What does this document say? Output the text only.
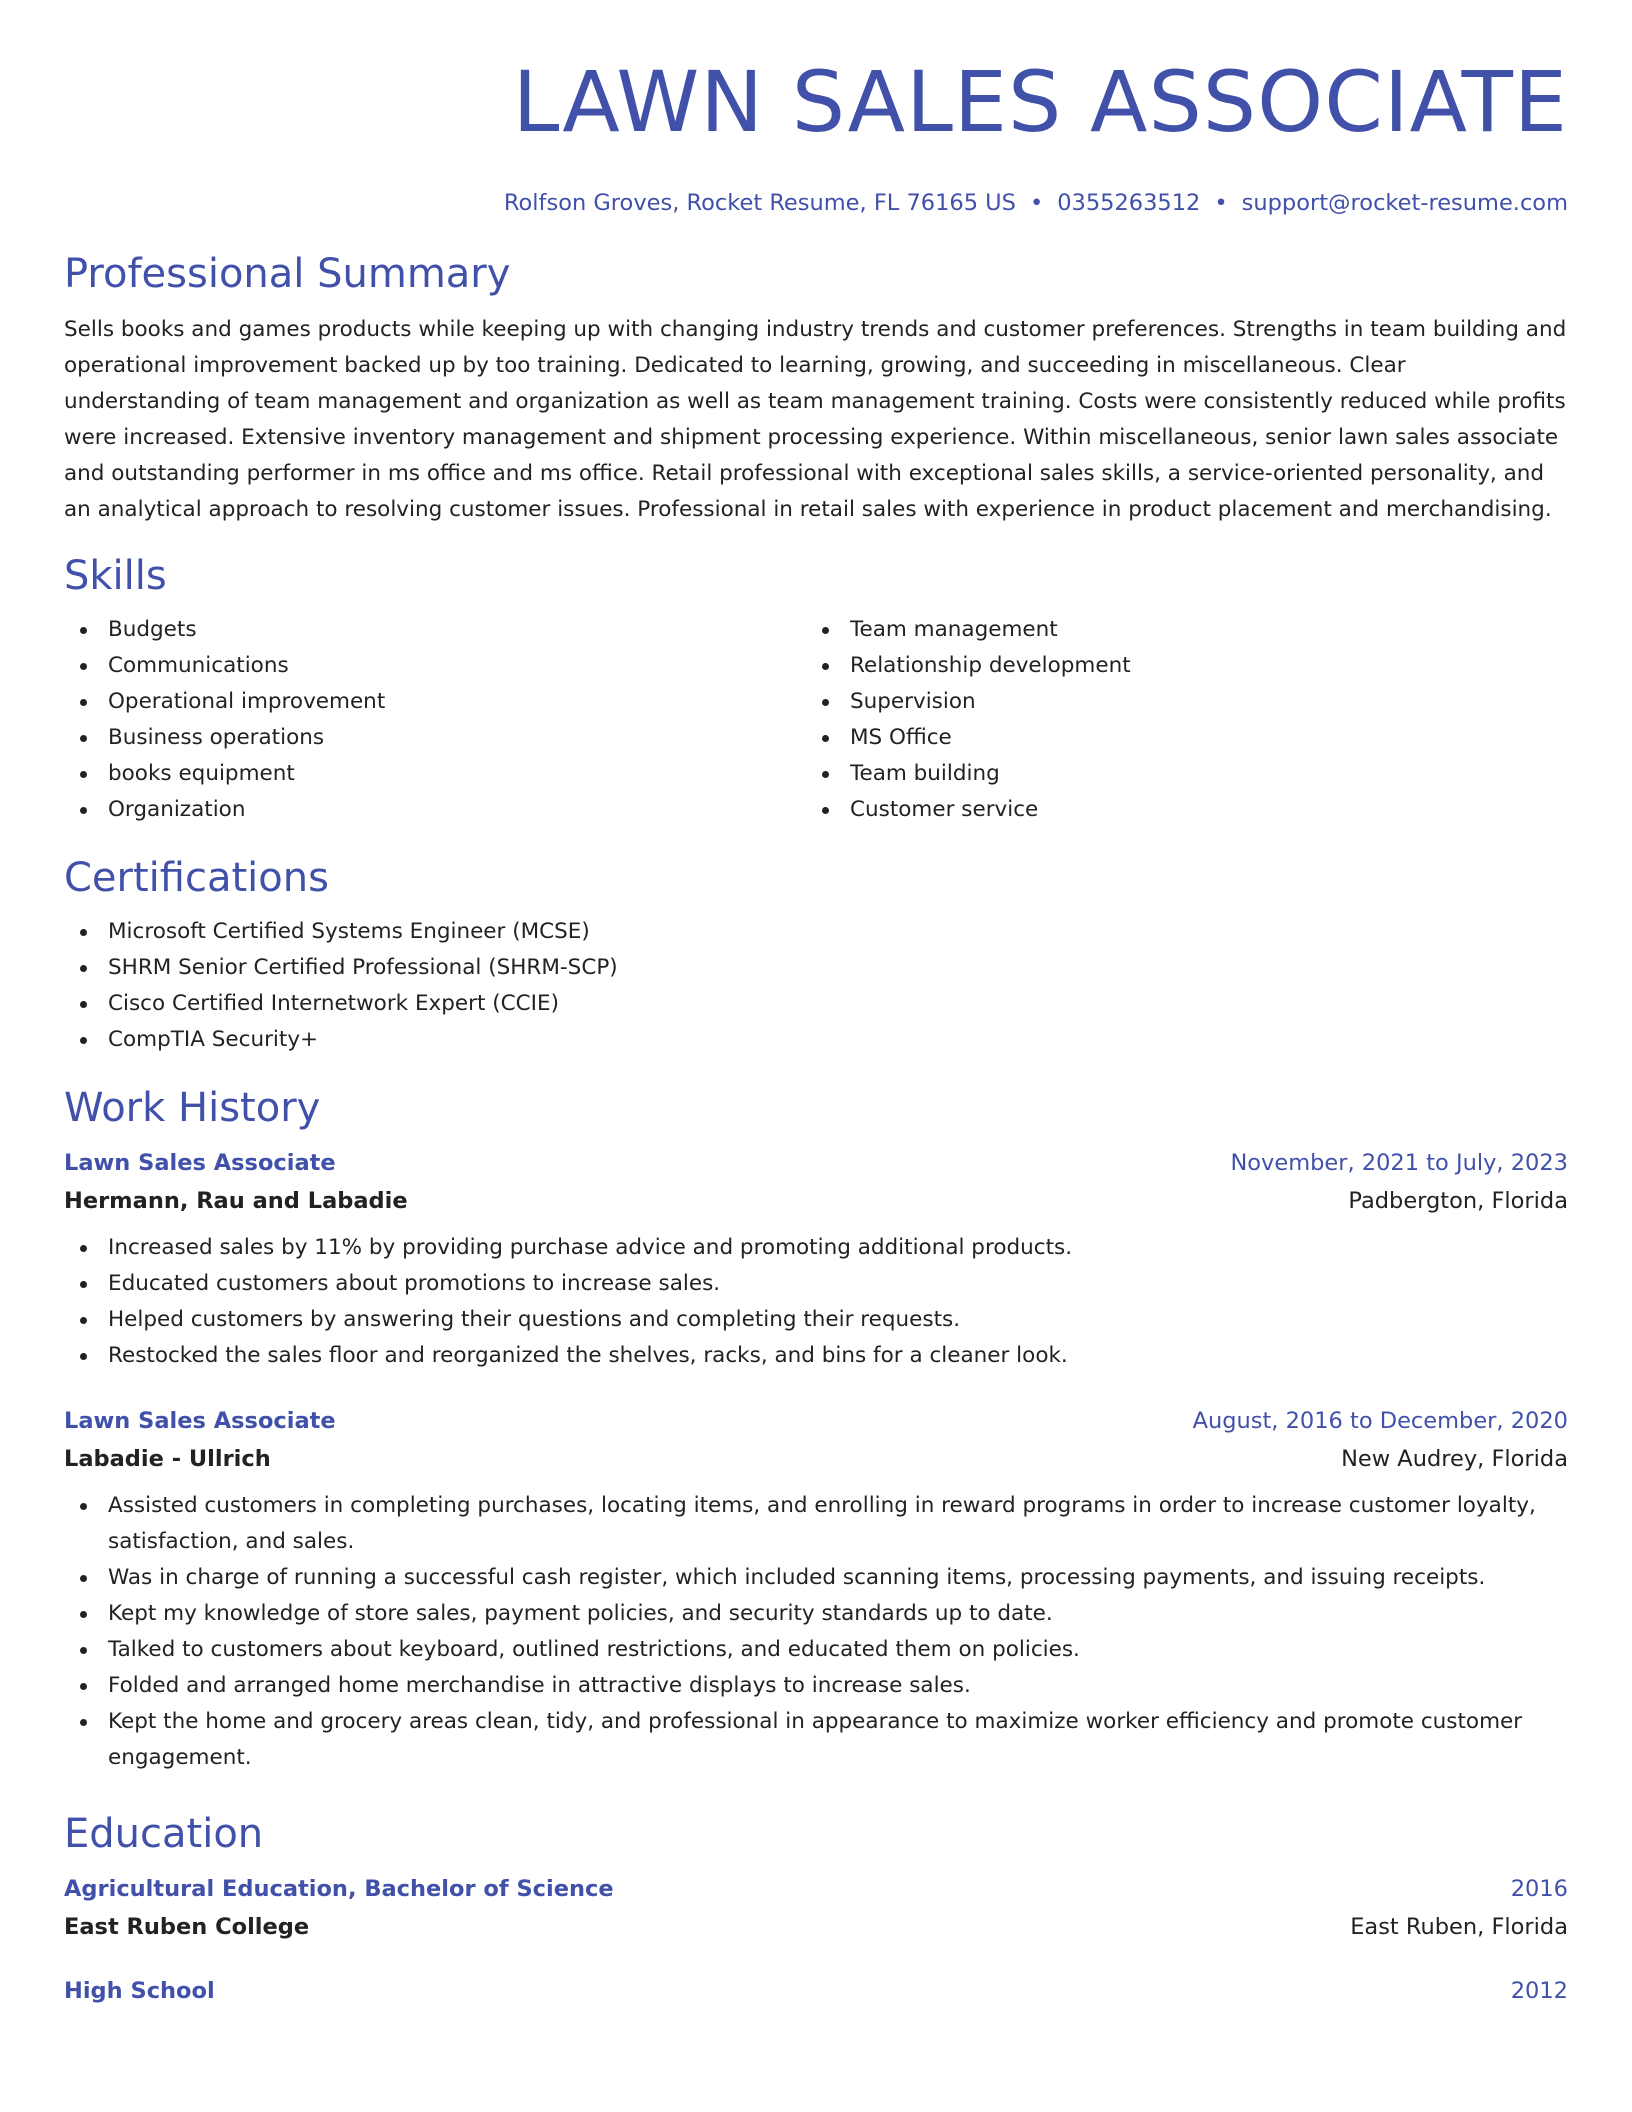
LAWN SALES ASSOCIATE
Rolfson Groves, Rocket Resume, FL 76165 US • 0355263512 • support@rocket-resume.com
Professional Summary

Sells books and games products while keeping up with changing industry trends and customer preferences. Strengths in team building and operational improvement backed up by too training. Dedicated to learning, growing, and succeeding in miscellaneous. Clear understanding of team management and organization as well as team management training. Costs were consistently reduced while profits were increased. Extensive inventory management and shipment processing experience. Within miscellaneous, senior lawn sales associate and outstanding performer in ms office and ms office. Retail professional with exceptional sales skills, a service-oriented personality, and an analytical approach to resolving customer issues. Professional in retail sales with experience in product placement and merchandising.

Skills
Budgets
Communications
Operational improvement
Business operations
books equipment
Organization
Team management
Relationship development
Supervision
MS Office
Team building
Customer service
Certifications
Microsoft Certified Systems Engineer (MCSE)
SHRM Senior Certified Professional (SHRM-SCP)
Cisco Certified Internetwork Expert (CCIE)
CompTIA Security+
Work History
Lawn Sales Associate	November, 2021 to July, 2023
Hermann, Rau and Labadie	Padbergton, Florida
Increased sales by 11% by providing purchase advice and promoting additional products.
Educated customers about promotions to increase sales.
Helped customers by answering their questions and completing their requests.
Restocked the sales floor and reorganized the shelves, racks, and bins for a cleaner look.
Lawn Sales Associate	August, 2016 to December, 2020
Labadie - Ullrich	New Audrey, Florida
Assisted customers in completing purchases, locating items, and enrolling in reward programs in order to increase customer loyalty, satisfaction, and sales.
Was in charge of running a successful cash register, which included scanning items, processing payments, and issuing receipts.
Kept my knowledge of store sales, payment policies, and security standards up to date.
Talked to customers about keyboard, outlined restrictions, and educated them on policies.
Folded and arranged home merchandise in attractive displays to increase sales.
Kept the home and grocery areas clean, tidy, and professional in appearance to maximize worker efficiency and promote customer engagement.
Education
Agricultural Education, Bachelor of Science	2016
East Ruben College	East Ruben, Florida
High School	2012
